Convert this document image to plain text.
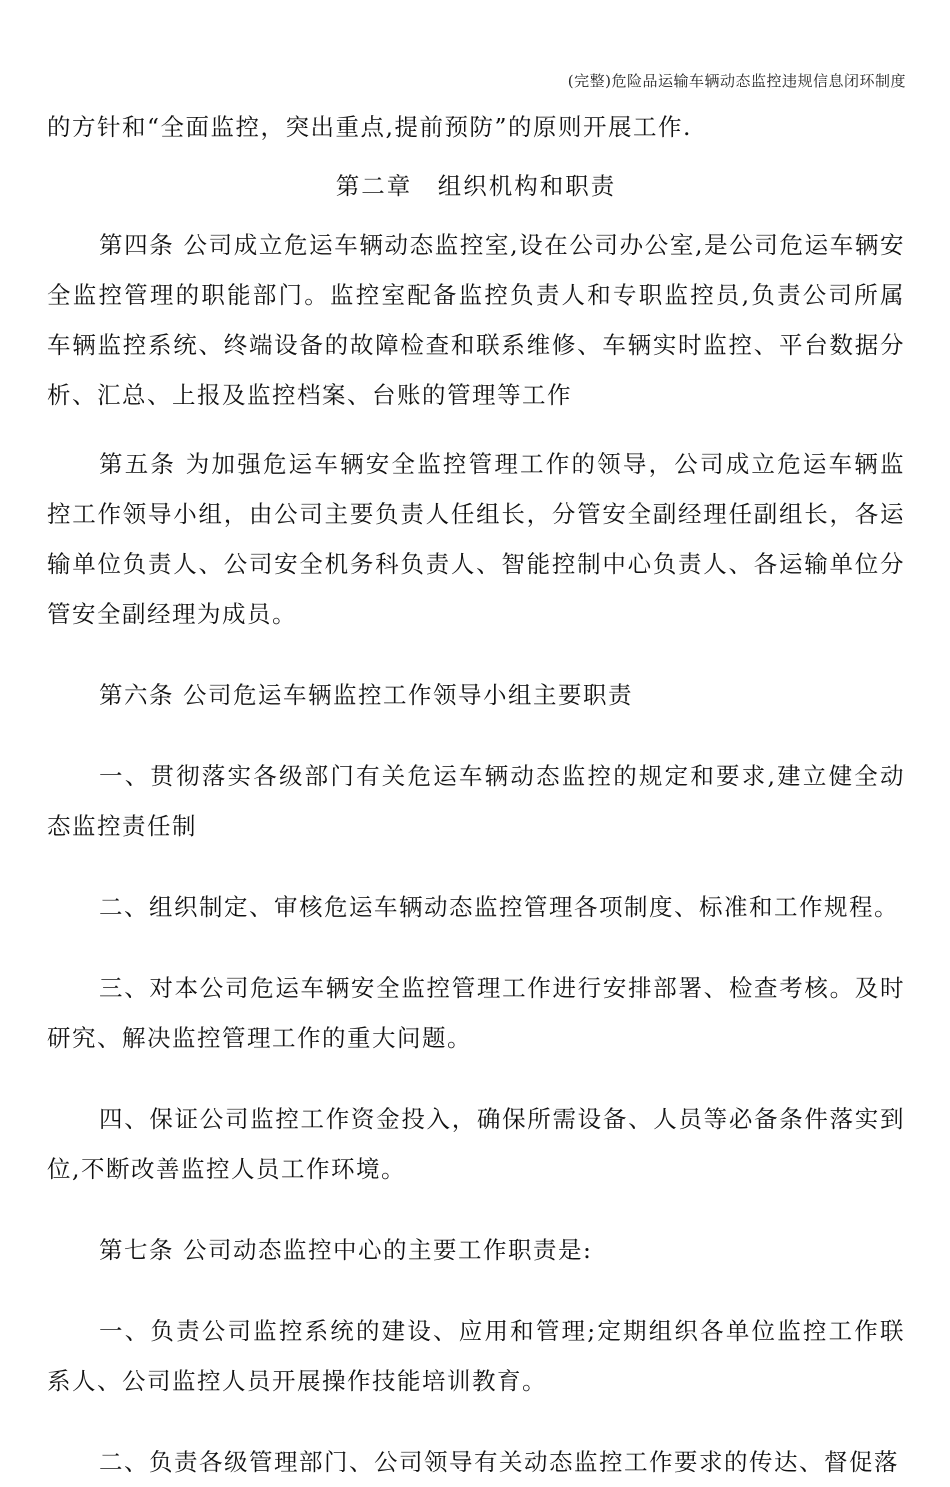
(完整)危险品运输车辆动态监控违规信息闭环制度

的方针和“全面监控，突出重点,提前预防”的原则开展工作.

第二章　组织机构和职责

第四条 公司成立危运车辆动态监控室,设在公司办公室,是公司危运车辆安全监控管理的职能部门。监控室配备监控负责人和专职监控员,负责公司所属车辆监控系统、终端设备的故障检查和联系维修、车辆实时监控、平台数据分析、汇总、上报及监控档案、台账的管理等工作

第五条 为加强危运车辆安全监控管理工作的领导，公司成立危运车辆监控工作领导小组，由公司主要负责人任组长，分管安全副经理任副组长，各运输单位负责人、公司安全机务科负责人、智能控制中心负责人、各运输单位分管安全副经理为成员。

第六条 公司危运车辆监控工作领导小组主要职责

一、贯彻落实各级部门有关危运车辆动态监控的规定和要求,建立健全动态监控责任制

二、组织制定、审核危运车辆动态监控管理各项制度、标准和工作规程。

三、对本公司危运车辆安全监控管理工作进行安排部署、检查考核。及时研究、解决监控管理工作的重大问题。

四、保证公司监控工作资金投入，确保所需设备、人员等必备条件落实到位,不断改善监控人员工作环境。

第七条 公司动态监控中心的主要工作职责是:

一、负责公司监控系统的建设、应用和管理;定期组织各单位监控工作联系人、公司监控人员开展操作技能培训教育。

二、负责各级管理部门、公司领导有关动态监控工作要求的传达、督促落
